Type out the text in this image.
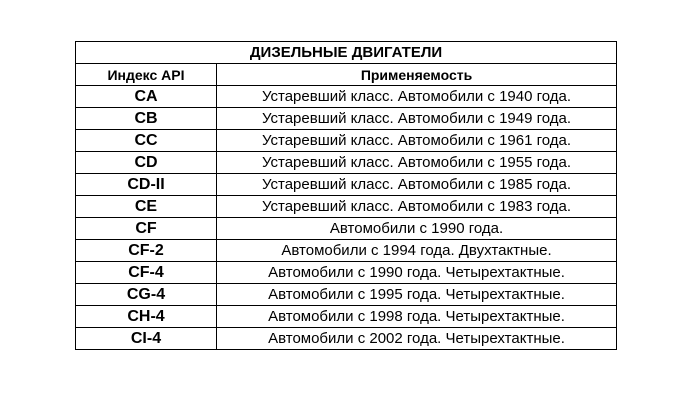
ДИЗЕЛЬНЫЕ ДВИГАТЕЛИ	
Индекс API	Применяемость
CA	Устаревший класс. Автомобили с 1940 года.
CB	Устаревший класс. Автомобили с 1949 года.
CC	Устаревший класс. Автомобили с 1961 года.
CD	Устаревший класс. Автомобили с 1955 года.
CD-II	Устаревший класс. Автомобили с 1985 года.
CE	Устаревший класс. Автомобили с 1983 года.
CF	Автомобили с 1990 года.
CF-2	Автомобили с 1994 года. Двухтактные.
CF-4	Автомобили с 1990 года. Четырехтактные.
CG-4	Автомобили с 1995 года. Четырехтактные.
CH-4	Автомобили с 1998 года. Четырехтактные.
CI-4	Автомобили с 2002 года. Четырехтактные.
